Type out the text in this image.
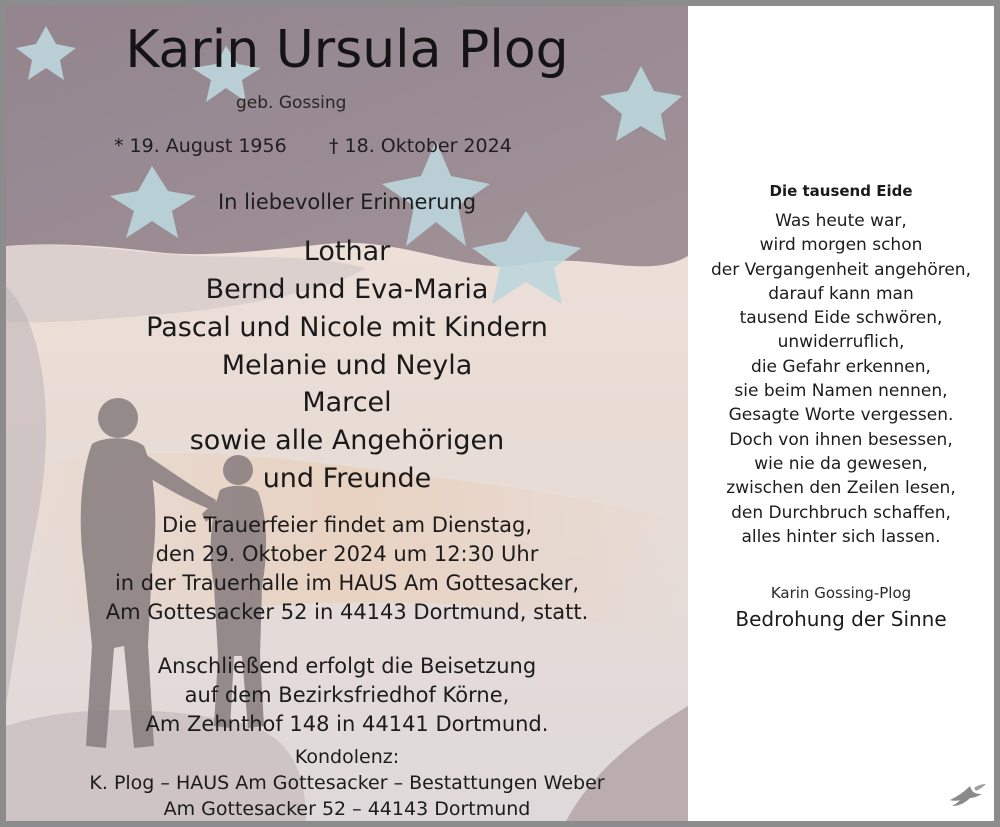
Karin Ursula Plog
geb. Gossing
* 19. August 1956 † 18. Oktober 2024
In liebevoller Erinnerung
Lothar
Bernd und Eva-Maria
Pascal und Nicole mit Kindern
Melanie und Neyla
Marcel
sowie alle Angehörigen
und Freunde
Die Trauerfeier findet am Dienstag,
den 29. Oktober 2024 um 12:30 Uhr
in der Trauerhalle im HAUS Am Gottesacker,
Am Gottesacker 52 in 44143 Dortmund, statt.
Anschließend erfolgt die Beisetzung
auf dem Bezirksfriedhof Körne,
Am Zehnthof 148 in 44141 Dortmund.
Kondolenz:
K. Plog – HAUS Am Gottesacker – Bestattungen Weber
Am Gottesacker 52 – 44143 Dortmund
Die tausend Eide
Was heute war,
wird morgen schon
der Vergangenheit angehören,
darauf kann man
tausend Eide schwören,
unwiderruflich,
die Gefahr erkennen,
sie beim Namen nennen,
Gesagte Worte vergessen.
Doch von ihnen besessen,
wie nie da gewesen,
zwischen den Zeilen lesen,
den Durchbruch schaffen,
alles hinter sich lassen.
Karin Gossing-Plog
Bedrohung der Sinne
